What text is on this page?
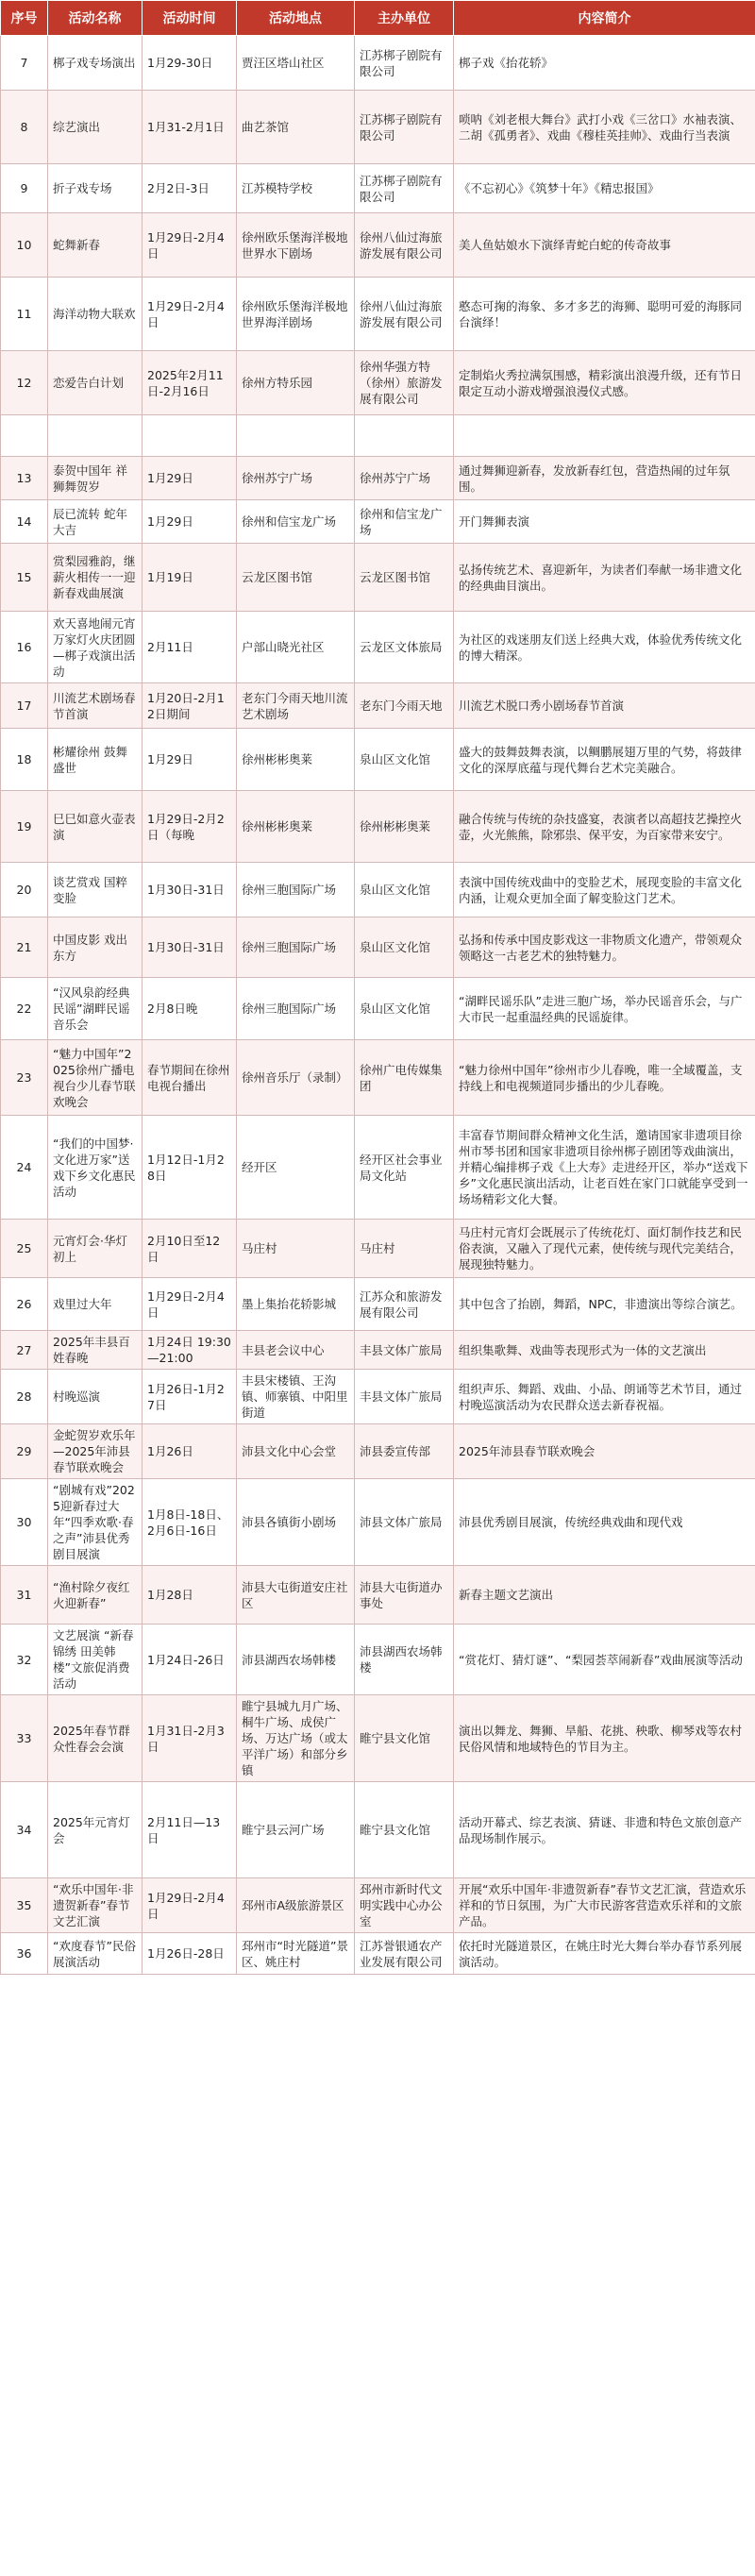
序号	活动名称	活动时间	活动地点	主办单位	内容简介
7	梆子戏专场演出	1月29-30日	贾汪区塔山社区	江苏梆子剧院有限公司	梆子戏《抬花轿》
8	综艺演出	1月31-2月1日	曲艺茶馆	江苏梆子剧院有限公司	唢呐《刘老根大舞台》武打小戏《三岔口》水袖表演、二胡《孤勇者》、戏曲《穆桂英挂帅》、戏曲行当表演
9	折子戏专场	2月2日-3日	江苏模特学校	江苏梆子剧院有限公司	《不忘初心》《筑梦十年》《精忠报国》
10	蛇舞新春	1月29日-2月4日	徐州欧乐堡海洋极地世界水下剧场	徐州八仙过海旅游发展有限公司	美人鱼姑娘水下演绎青蛇白蛇的传奇故事
11	海洋动物大联欢	1月29日-2月4日	徐州欧乐堡海洋极地世界海洋剧场	徐州八仙过海旅游发展有限公司	憨态可掬的海象、多才多艺的海狮、聪明可爱的海豚同台演绎！
12	恋爱告白计划	2025年2月11日-2月16日	徐州方特乐园	徐州华强方特（徐州）旅游发展有限公司	定制焰火秀拉满氛围感，精彩演出浪漫升级，还有节日限定互动小游戏增强浪漫仪式感。

13	泰贺中国年 祥狮舞贺岁	1月29日	徐州苏宁广场	徐州苏宁广场	通过舞狮迎新春，发放新春红包，营造热闹的过年氛围。
14	辰已流转 蛇年大吉	1月29日	徐州和信宝龙广场	徐州和信宝龙广场	开门舞狮表演
15	赏梨园雅韵，继薪火相传一一迎新春戏曲展演	1月19日	云龙区图书馆	云龙区图书馆	弘扬传统艺术、喜迎新年，为读者们奉献一场非遗文化的经典曲目演出。
16	欢天喜地闹元宵 万家灯火庆团圆—梆子戏演出活动	2月11日	户部山晓光社区	云龙区文体旅局	为社区的戏迷朋友们送上经典大戏，体验优秀传统文化的博大精深。
17	川流艺术剧场春节首演	1月20日-2月12日期间	老东门今雨天地川流艺术剧场	老东门今雨天地	川流艺术脱口秀小剧场春节首演
18	彬耀徐州 鼓舞盛世	1月29日	徐州彬彬奥莱	泉山区文化馆	盛大的鼓舞鼓舞表演，以鲷鹏展翅万里的气势，将鼓律文化的深厚底蕴与现代舞台艺术完美融合。
19	巳巳如意火壶表演	1月29日-2月2日（每晚	徐州彬彬奥莱	徐州彬彬奥莱	融合传统与传统的杂技盛宴，表演者以高超技艺操控火壶，火光熊熊，除邪祟、保平安，为百家带来安宁。
20	谈艺赏戏 国粹变脸	1月30日-31日	徐州三胞国际广场	泉山区文化馆	表演中国传统戏曲中的变脸艺术，展现变脸的丰富文化内涵，让观众更加全面了解变脸这门艺术。
21	中国皮影 戏出东方	1月30日-31日	徐州三胞国际广场	泉山区文化馆	弘扬和传承中国皮影戏这一非物质文化遗产，带领观众领略这一古老艺术的独特魅力。
22	“汉风泉韵经典民谣”湖畔民谣音乐会	2月8日晚	徐州三胞国际广场	泉山区文化馆	“湖畔民谣乐队”走进三胞广场，举办民谣音乐会，与广大市民一起重温经典的民谣旋律。
23	“魅力中国年”2025徐州广播电视台少儿春节联欢晚会	春节期间在徐州电视台播出	徐州音乐厅（录制）	徐州广电传媒集团	“魅力徐州中国年”徐州市少儿春晚，唯一全域覆盖，支持线上和电视频道同步播出的少儿春晚。
24	“我们的中国梦·文化进万家”送戏下乡文化惠民活动	1月12日-1月28日	经开区	经开区社会事业局文化站	丰富春节期间群众精神文化生活，邀请国家非遗项目徐州市琴书团和国家非遗项目徐州梆子剧团等戏曲演出，并精心编排梆子戏《上大寿》走进经开区，举办“送戏下乡”文化惠民演出活动，让老百姓在家门口就能享受到一场场精彩文化大餐。
25	元宵灯会·华灯初上	2月10日至12日	马庄村	马庄村	马庄村元宵灯会既展示了传统花灯、面灯制作技艺和民俗表演，又融入了现代元素，使传统与现代完美结合，展现独特魅力。
26	戏里过大年	1月29日-2月4日	墨上集抬花轿影城	江苏众和旅游发展有限公司	其中包含了抬剧，舞蹈，NPC，非遗演出等综合演艺。
27	2025年丰县百姓春晚	1月24日 19:30—21:00	丰县老会议中心	丰县文体广旅局	组织集歌舞、戏曲等表现形式为一体的文艺演出
28	村晚巡演	1月26日-1月27日	丰县宋楼镇、王沟镇、师寨镇、中阳里街道	丰县文体广旅局	组织声乐、舞蹈、戏曲、小品、朗诵等艺术节目，通过村晚巡演活动为农民群众送去新春祝福。
29	金蛇贺岁欢乐年—2025年沛县春节联欢晚会	1月26日	沛县文化中心会堂	沛县委宣传部	2025年沛县春节联欢晚会
30	“剧城有戏”2025迎新春过大年“四季欢歌·春之声”沛县优秀剧目展演	1月8日-18日、2月6日-16日	沛县各镇街小剧场	沛县文体广旅局	沛县优秀剧目展演，传统经典戏曲和现代戏
31	“渔村除夕夜红火迎新春”	1月28日	沛县大屯街道安庄社区	沛县大屯街道办事处	新春主题文艺演出
32	文艺展演 “新春锦绣 田美韩楼”文旅促消费活动	1月24日-26日	沛县湖西农场韩楼	沛县湖西农场韩楼	“赏花灯、猜灯谜”、“梨园荟萃闹新春”戏曲展演等活动
33	2025年春节群众性春会会演	1月31日-2月3日	睢宁县城九月广场、桐牛广场、成侯广场、万达广场（或太平洋广场）和部分乡镇	睢宁县文化馆	演出以舞龙、舞狮、旱船、花挑、秧歌、柳琴戏等农村民俗风情和地域特色的节目为主。
34	2025年元宵灯会	2月11日—13日	睢宁县云河广场	睢宁县文化馆	活动开幕式、综艺表演、猜谜、非遗和特色文旅创意产品现场制作展示。
35	“欢乐中国年·非遗贺新春”春节文艺汇演	1月29日-2月4日	邳州市A级旅游景区	邳州市新时代文明实践中心办公室	开展“欢乐中国年·非遗贺新春”春节文艺汇演，营造欢乐祥和的节日氛围，为广大市民游客营造欢乐祥和的文旅产品。
36	“欢度春节”民俗展演活动	1月26日-28日	邳州市“时光隧道”景区、姚庄村	江苏誉银通农产业发展有限公司	依托时光隧道景区，在姚庄时光大舞台举办春节系列展演活动。
